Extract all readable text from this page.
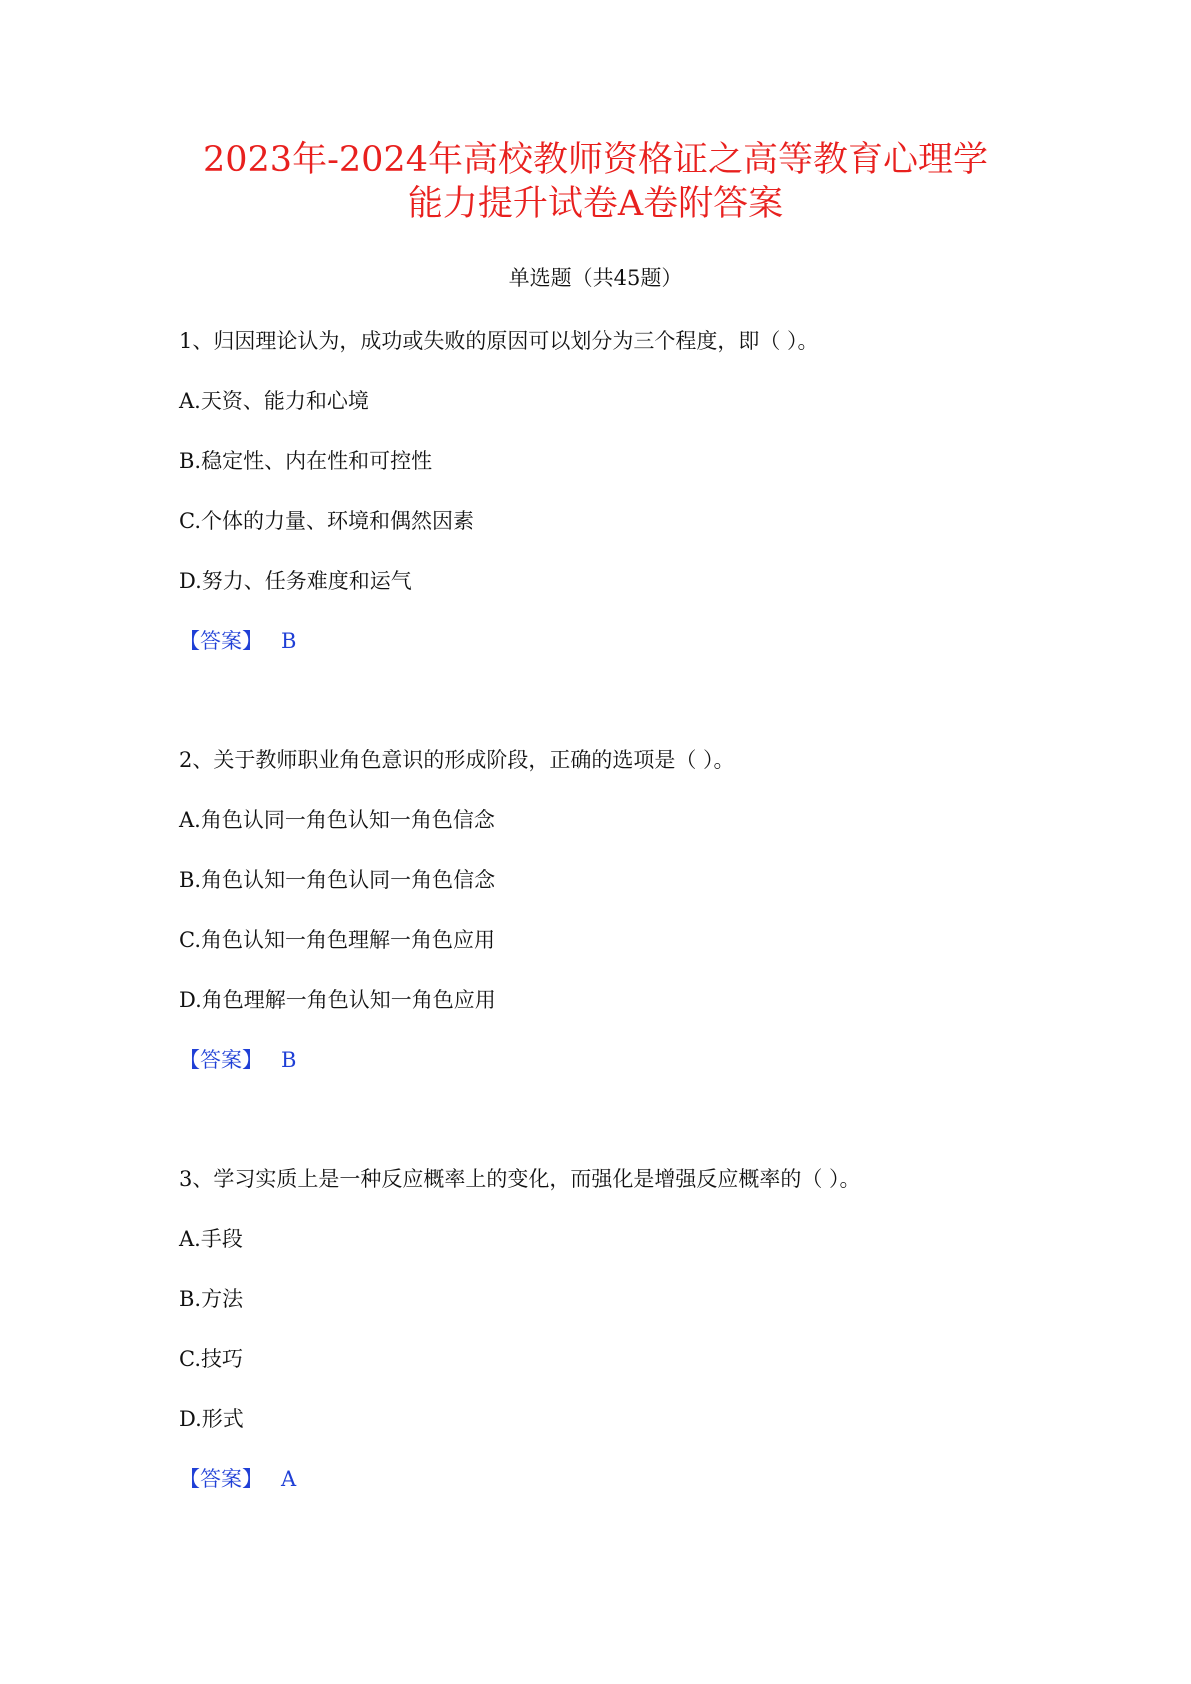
2023年-2024年高校教师资格证之高等教育心理学
能力提升试卷A卷附答案
单选题（共45题）
1、归因理论认为，成功或失败的原因可以划分为三个程度，即（ ）。
A.天资、能力和心境
B.稳定性、内在性和可控性
C.个体的力量、环境和偶然因素
D.努力、任务难度和运气
【答案】 B
2、关于教师职业角色意识的形成阶段，正确的选项是（ ）。
A.角色认同一角色认知一角色信念
B.角色认知一角色认同一角色信念
C.角色认知一角色理解一角色应用
D.角色理解一角色认知一角色应用
【答案】 B
3、学习实质上是一种反应概率上的变化，而强化是增强反应概率的（ ）。
A.手段
B.方法
C.技巧
D.形式
【答案】 A
